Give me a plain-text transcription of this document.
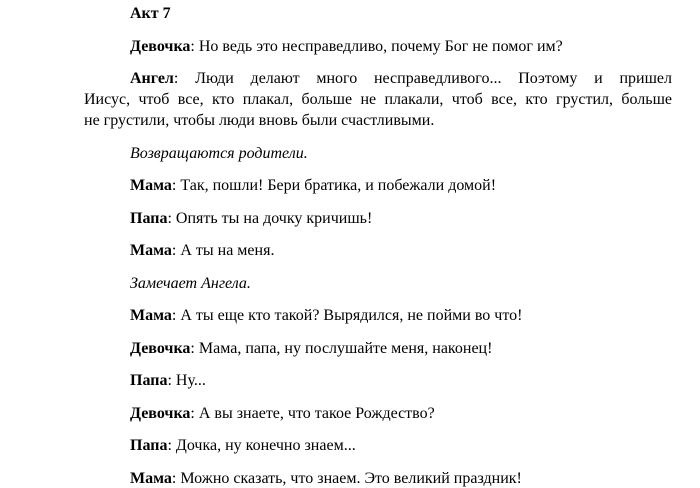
Акт 7
Девочка: Но ведь это несправедливо, почему Бог не помог им?
Ангел: Люди делают много несправедливого... Поэтому и пришел
Иисус, чтоб все, кто плакал, больше не плакали, чтоб все, кто грустил, больше
не грустили, чтобы люди вновь были счастливыми.
Возвращаются родители.
Мама: Так, пошли! Бери братика, и побежали домой!
Папа: Опять ты на дочку кричишь!
Мама: А ты на меня.
Замечает Ангела.
Мама: А ты еще кто такой? Вырядился, не пойми во что!
Девочка: Мама, папа, ну послушайте меня, наконец!
Папа: Ну...
Девочка: А вы знаете, что такое Рождество?
Папа: Дочка, ну конечно знаем...
Мама: Можно сказать, что знаем. Это великий праздник!
